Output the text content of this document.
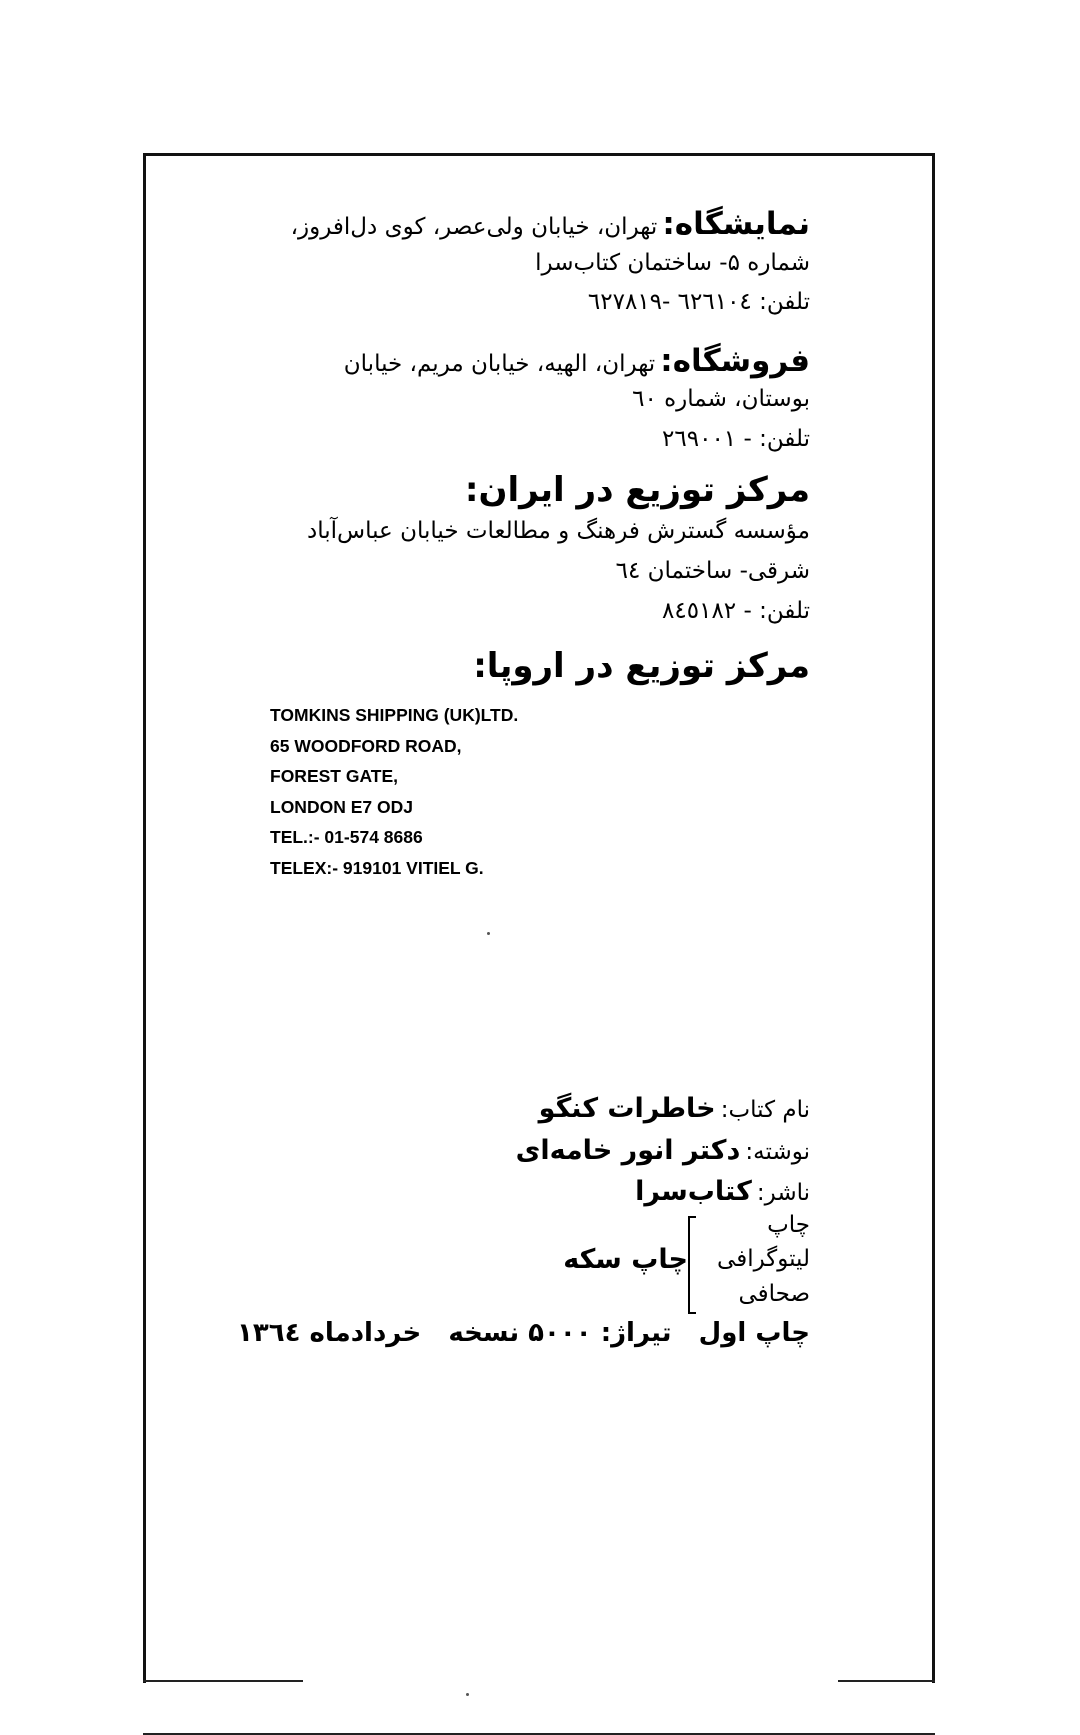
نمایشگاه: تهران، خیابان ولی‌عصر، کوی دل‌افروز،
شماره ۵- ساختمان کتاب‌سرا
تلفن: ٦٢٦١٠٤ -٦٢٧٨١٩
فروشگاه: تهران، الهیه، خیابان مریم، خیابان
بوستان، شماره ٦٠
تلفن: - ٢٦٩٠٠١
مرکز توزیع در ایران:
مؤسسه گسترش فرهنگ و مطالعات خیابان عباس‌آباد
شرقی- ساختمان ٦٤
تلفن: - ٨٤٥١٨٢
مرکز توزیع در اروپا:
TOMKINS SHIPPING (UK)LTD.
65 WOODFORD ROAD,
FOREST GATE,
LONDON E7 ODJ
TEL.:- 01-574 8686
TELEX:- 919101 VITIEL G.
نام کتاب: خاطرات کنگو
نوشته: دکتر انور خامه‌ای
ناشر: کتاب‌سرا
چاپ
لیتوگرافی
صحافی
چاپ سکه
چاپ اول   تیراژ: ۵۰۰۰ نسخه   خردادماه ١٣٦٤
